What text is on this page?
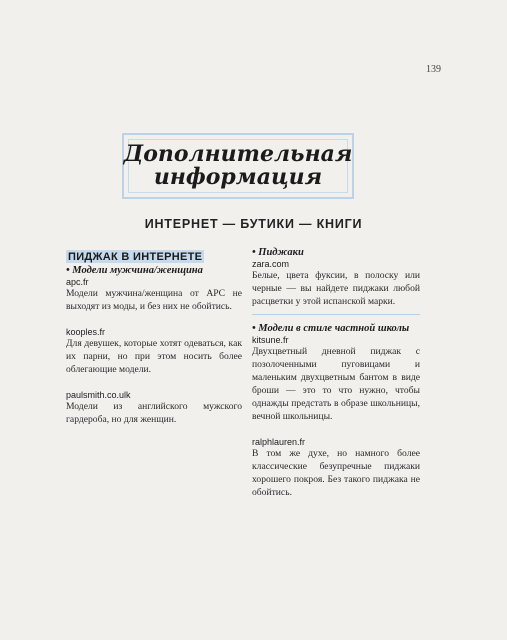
139
Дополнительная
информация
ИНТЕРНЕТ — БУТИКИ — КНИГИ
ПИДЖАК В ИНТЕРНЕТЕ

• Модели мужчина/женщина

apc.fr

Модели мужчина/женщина от APC не выходят из моды, и без них не обойтись.

kooples.fr

Для девушек, которые хотят одеваться, как их парни, но при этом носить более облегающие модели.

paulsmith.co.ulk

Модели из английского мужского гардероба, но для женщин.

• Пиджаки

zara.com

Белые, цвета фуксии, в полоску или черные — вы найдете пиджаки любой расцветки у этой испанской марки.

• Модели в стиле частной школы

kitsune.fr

Двухцветный дневной пиджак с позолоченными пуговицами и маленьким двухцветным бантом в виде броши — это то что нужно, чтобы однажды предстать в образе школьницы, вечной школьницы.

ralphlauren.fr

В том же духе, но намного более классические безупречные пиджаки хорошего покроя. Без такого пиджака не обойтись.
